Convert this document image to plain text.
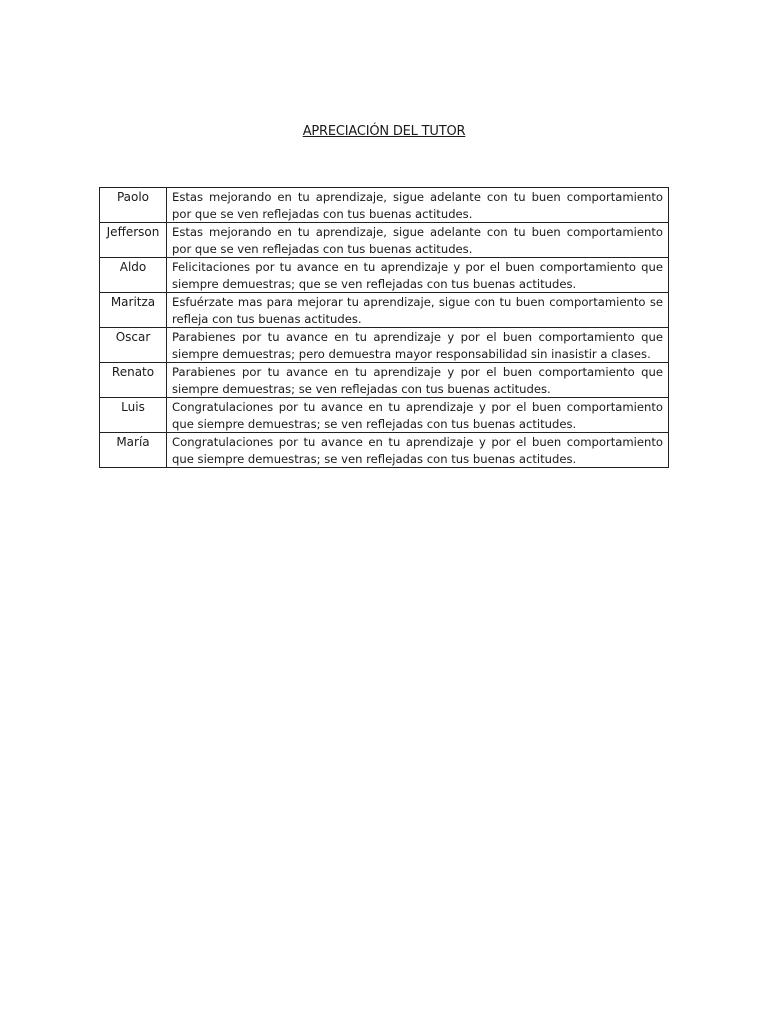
APRECIACIÓN DEL TUTOR
Paolo	Estas mejorando en tu aprendizaje, sigue adelante con tu buen comportamiento por que se ven reflejadas con tus buenas actitudes.
Jefferson	Estas mejorando en tu aprendizaje, sigue adelante con tu buen comportamiento por que se ven reflejadas con tus buenas actitudes.
Aldo	Felicitaciones por tu avance en tu aprendizaje y por el buen comportamiento que siempre demuestras; que se ven reflejadas con tus buenas actitudes.
Maritza	Esfuérzate mas para mejorar tu aprendizaje, sigue con tu buen comportamiento se refleja con tus buenas actitudes.
Oscar	Parabienes por tu avance en tu aprendizaje y por el buen comportamiento que siempre demuestras; pero demuestra mayor responsabilidad sin inasistir a clases.
Renato	Parabienes por tu avance en tu aprendizaje y por el buen comportamiento que siempre demuestras; se ven reflejadas con tus buenas actitudes.
Luis	Congratulaciones por tu avance en tu aprendizaje y por el buen comportamiento que siempre demuestras; se ven reflejadas con tus buenas actitudes.
María	Congratulaciones por tu avance en tu aprendizaje y por el buen comportamiento que siempre demuestras; se ven reflejadas con tus buenas actitudes.
